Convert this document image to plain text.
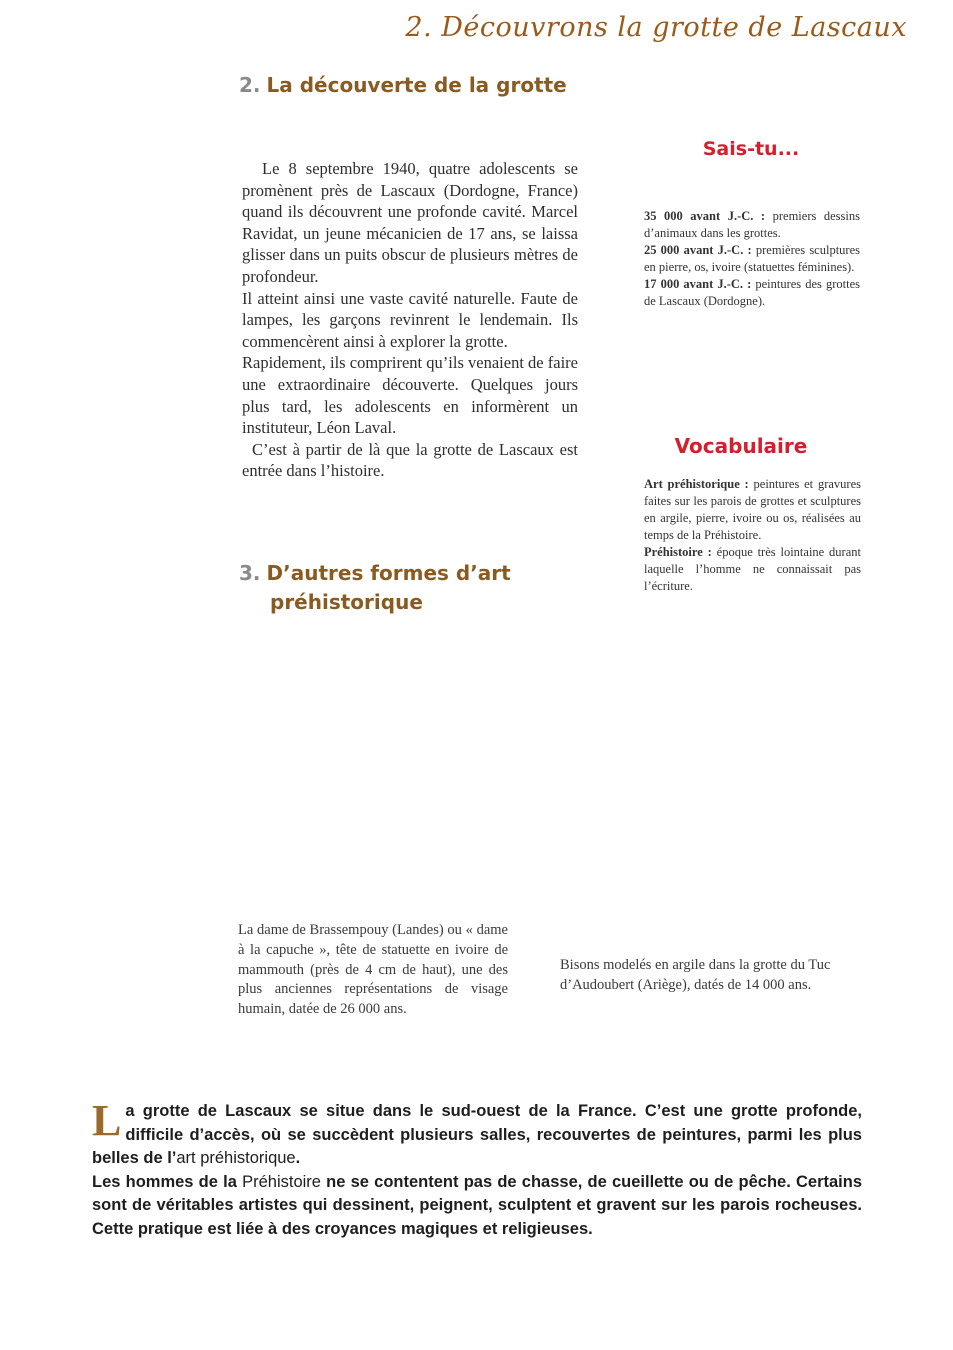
2. Découvrons la grotte de Lascaux
2. La découverte de la grotte

Le 8 septembre 1940, quatre adolescents se promènent près de Lascaux (Dordogne, France) quand ils découvrent une profonde cavité. Marcel Ravidat, un jeune mécanicien de 17 ans, se laissa glisser dans un puits obscur de plusieurs mètres de profondeur.

Il atteint ainsi une vaste cavité naturelle. Faute de lampes, les garçons revinrent le lendemain. Ils commencèrent ainsi à explorer la grotte.

Rapidement, ils comprirent qu’ils venaient de faire une extraordinaire découverte. Quelques jours plus tard, les adolescents en informèrent un instituteur, Léon Laval.

C’est à partir de là que la grotte de Lascaux est entrée dans l’histoire.

3. D’autres formes d’art
préhistorique
Sais-tu...

35 000 avant J.-C. : premiers dessins d’animaux dans les grottes.

25 000 avant J.-C. : premières sculptures en pierre, os, ivoire (statuettes féminines).

17 000 avant J.-C. : peintures des grottes de Lascaux (Dordogne).

Vocabulaire

Art préhistorique : peintures et gravures faites sur les parois de grottes et sculptures en argile, pierre, ivoire ou os, réalisées au temps de la Préhistoire.

Préhistoire : époque très lointaine durant laquelle l’homme ne connaissait pas l’écriture.

La dame de Brassempouy (Landes) ou « dame à la capuche », tête de statuette en ivoire de mammouth (près de 4 cm de haut), une des plus anciennes représentations de visage humain, datée de 26 000 ans.
Bisons modelés en argile dans la grotte du Tuc d’Audoubert (Ariège), datés de 14 000 ans.

La grotte de Lascaux se situe dans le sud-ouest de la France. C’est une grotte profonde, difficile d’accès, où se succèdent plusieurs salles, recouvertes de peintures, parmi les plus belles de l’art préhistorique.

Les hommes de la Préhistoire ne se contentent pas de chasse, de cueillette ou de pêche. Certains sont de véritables artistes qui dessinent, peignent, sculptent et gravent sur les parois rocheuses. Cette pratique est liée à des croyances magiques et religieuses.
